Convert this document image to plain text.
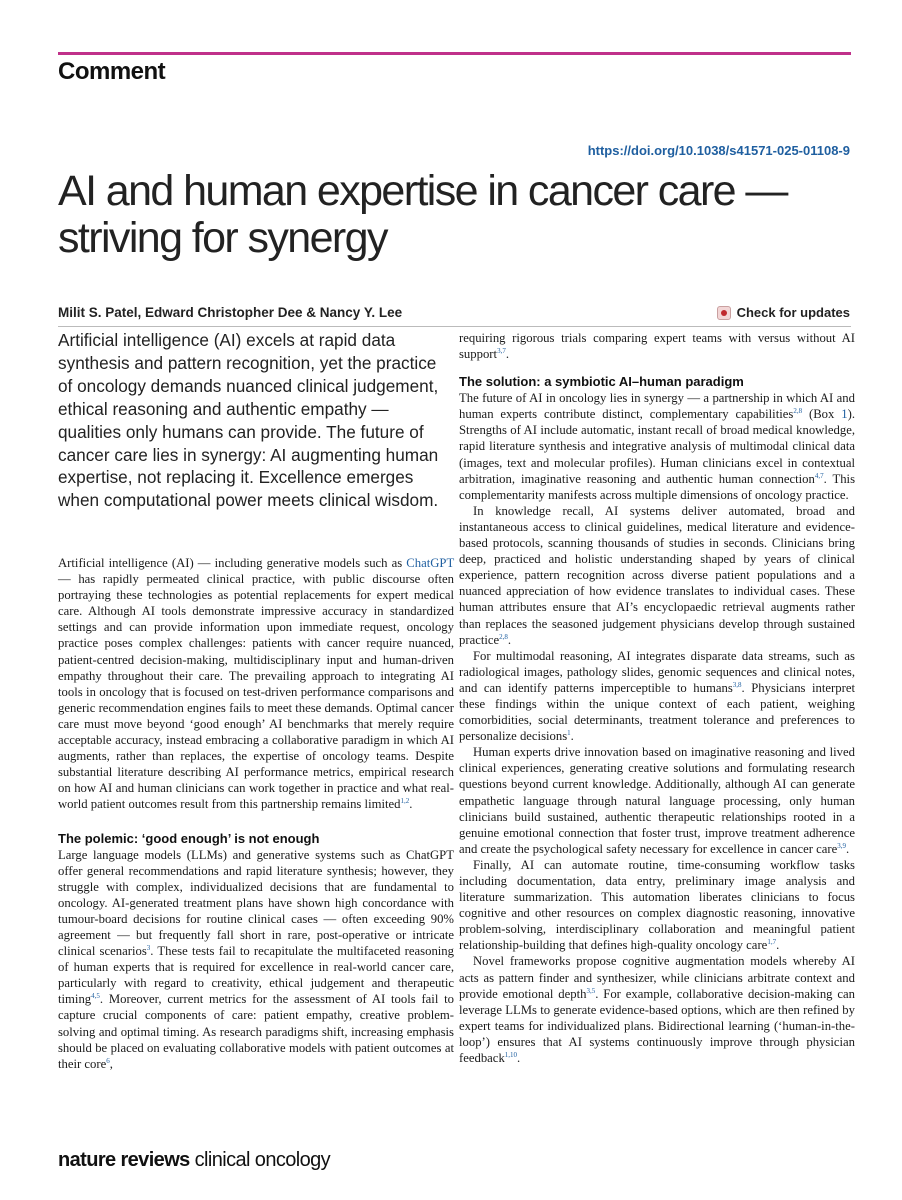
Comment
https://doi.org/10.1038/s41571-025-01108-9
AI and human expertise in cancer care — striving for synergy
Milit S. Patel, Edward Christopher Dee & Nancy Y. Lee	Check for updates

Artificial intelligence (AI) excels at rapid data synthesis and pattern recognition, yet the practice of oncology demands nuanced clinical judgement, ethical reasoning and authentic empathy — qualities only humans can provide. The future of cancer care lies in synergy: AI augmenting human expertise, not replacing it. Excellence emerges when computational power meets clinical wisdom.

Artificial intelligence (AI) — including generative models such as ChatGPT — has rapidly permeated clinical practice, with public discourse often portraying these technologies as potential replacements for expert medical care. Although AI tools demonstrate impressive accuracy in standardized settings and can provide information upon immediate request, oncology practice poses complex challenges: patients with cancer require nuanced, patient-centred decision-making, multidisciplinary input and human-driven empathy throughout their care. The prevailing approach to integrating AI tools in oncology that is focused on test-driven performance comparisons and generic recommendation engines fails to meet these demands. Optimal cancer care must move beyond ‘good enough’ AI benchmarks that merely require acceptable accuracy, instead embracing a collaborative paradigm in which AI augments, rather than replaces, the expertise of oncology teams. Despite substantial literature describing AI performance metrics, empirical research on how AI and human clinicians can work together in practice and what real-world patient outcomes result from this partnership remains limited$^{1,2}$.

The polemic: ‘good enough’ is not enough

Large language models (LLMs) and generative systems such as ChatGPT offer general recommendations and rapid literature synthesis; however, they struggle with complex, individualized decisions that are fundamental to oncology. AI-generated treatment plans have shown high concordance with tumour-board decisions for routine clinical cases — often exceeding 90% agreement — but frequently fall short in rare, post-operative or intricate clinical scenarios$^3$. These tests fail to recapitulate the multifaceted reasoning of human experts that is required for excellence in real-world cancer care, particularly with regard to creativity, ethical judgement and therapeutic timing$^{4,5}$. Moreover, current metrics for the assessment of AI tools fail to capture crucial components of care: patient empathy, creative problem-solving and optimal timing. As research paradigms shift, increasing emphasis should be placed on evaluating collaborative models with patient outcomes at their core$^6$,

requiring rigorous trials comparing expert teams with versus without AI support$^{3,7}$.

The solution: a symbiotic AI–human paradigm

The future of AI in oncology lies in synergy — a partnership in which AI and human experts contribute distinct, complementary capabilities$^{2,8}$ (Box 1). Strengths of AI include automatic, instant recall of broad medical knowledge, rapid literature synthesis and integrative analysis of multimodal clinical data (images, text and molecular profiles). Human clinicians excel in contextual arbitration, imaginative reasoning and authentic human connection$^{4,7}$. This complementarity manifests across multiple dimensions of oncology practice.

In knowledge recall, AI systems deliver automated, broad and instantaneous access to clinical guidelines, medical literature and evidence-based protocols, scanning thousands of studies in seconds. Clinicians bring deep, practiced and holistic understanding shaped by years of clinical experience, pattern recognition across diverse patient populations and a nuanced appreciation of how evidence translates to individual cases. These human attributes ensure that AI’s encyclopaedic retrieval augments rather than replaces the seasoned judgement physicians develop through sustained practice$^{2,8}$.

For multimodal reasoning, AI integrates disparate data streams, such as radiological images, pathology slides, genomic sequences and clinical notes, and can identify patterns imperceptible to humans$^{3,8}$. Physicians interpret these findings within the unique context of each patient, weighing comorbidities, social determinants, treatment tolerance and preferences to personalize decisions$^1$.

Human experts drive innovation based on imaginative reasoning and lived clinical experiences, generating creative solutions and formulating research questions beyond current knowledge. Additionally, although AI can generate empathetic language through natural language processing, only human clinicians build sustained, authentic therapeutic relationships rooted in a genuine emotional connection that foster trust, improve treatment adherence and create the psychological safety necessary for excellence in cancer care$^{3,9}$.

Finally, AI can automate routine, time-consuming workflow tasks including documentation, data entry, preliminary image analysis and literature summarization. This automation liberates clinicians to focus cognitive and other resources on complex diagnostic reasoning, innovative problem-solving, interdisciplinary collaboration and meaningful patient relationship-building that defines high-quality oncology care$^{1,7}$.

Novel frameworks propose cognitive augmentation models whereby AI acts as pattern finder and synthesizer, while clinicians arbitrate context and provide emotional depth$^{3,5}$. For example, collaborative decision-making can leverage LLMs to generate evidence-based options, which are then refined by expert teams for individualized plans. Bidirectional learning (‘human-in-the-loop’) ensures that AI systems continuously improve through physician feedback$^{1,10}$.

nature reviews clinical oncology
